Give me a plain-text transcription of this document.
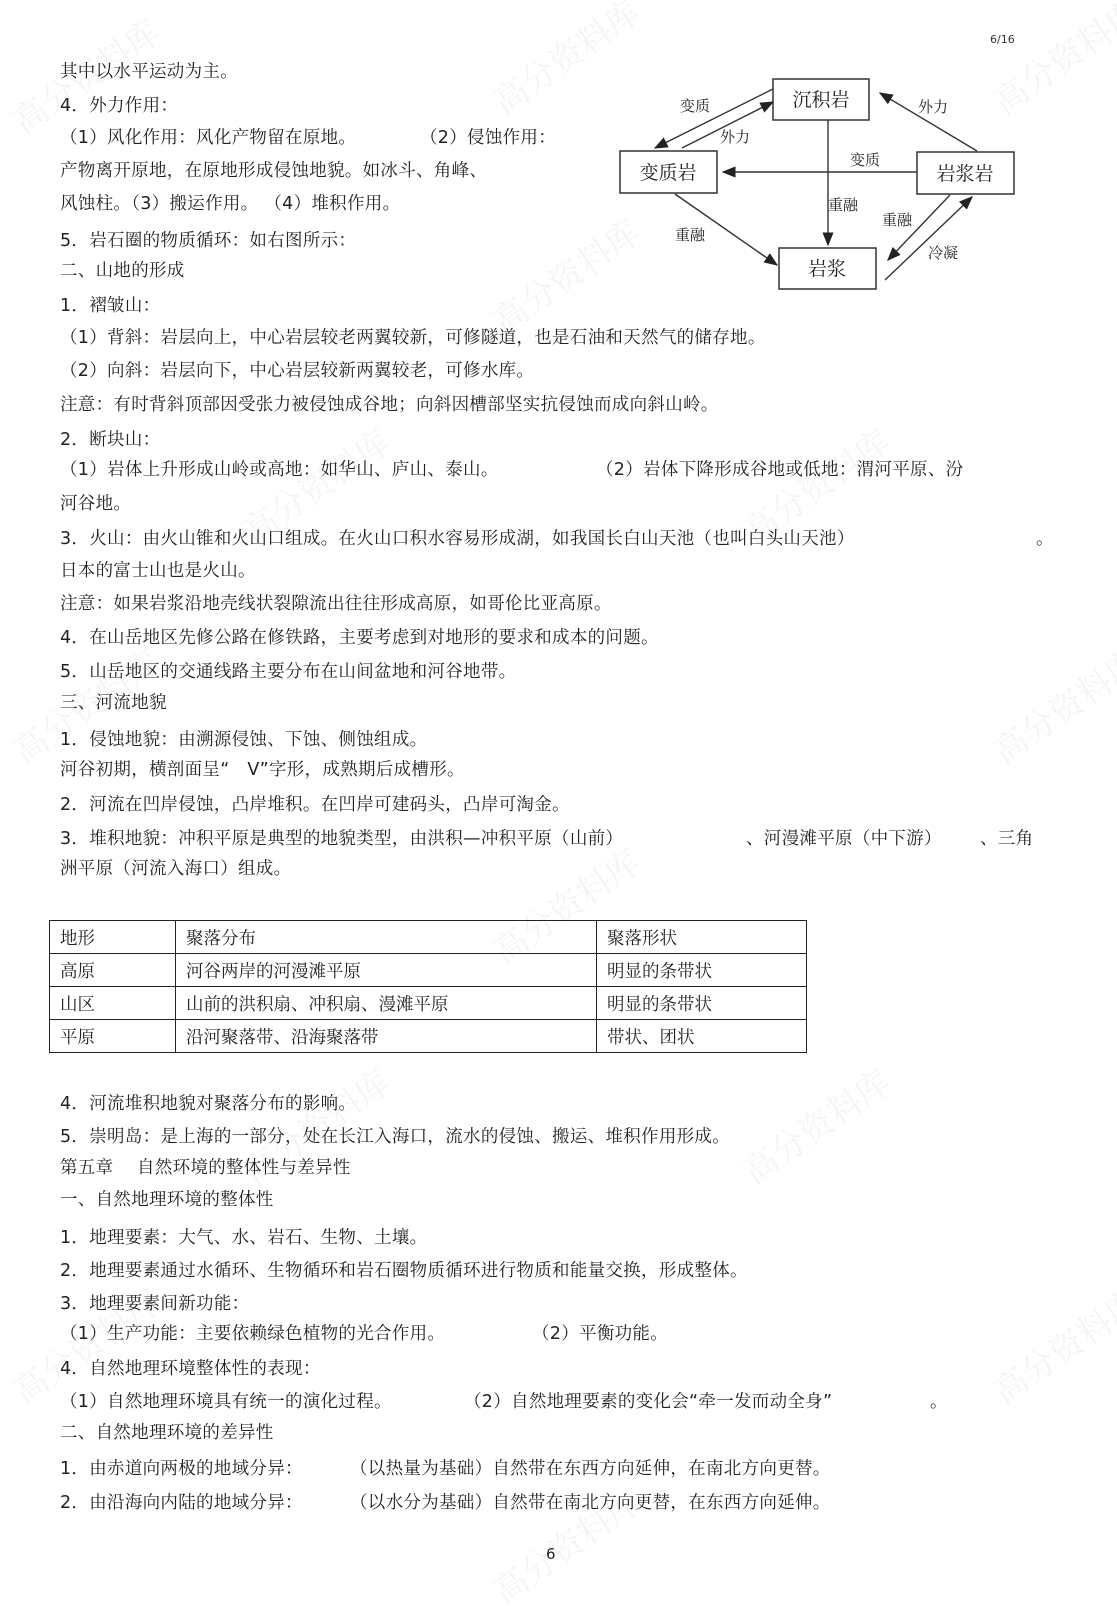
6/16
沉积岩
变质岩	岩浆岩
岩浆
变质
外力
外力
变质
重融
重融
重融
冷凝
其中以水平运动为主。
4．外力作用：
（1）风化作用：风化产物留在原地。	（2）侵蚀作用：
产物离开原地，在原地形成侵蚀地貌。如冰斗、角峰、
风蚀柱。（3）搬运作用。 （4）堆积作用。
5．岩石圈的物质循环：如右图所示：
二、山地的形成
1．褶皱山：
（1）背斜：岩层向上，中心岩层较老两翼较新，可修隧道，也是石油和天然气的储存地。
（2）向斜：岩层向下，中心岩层较新两翼较老，可修水库。
注意：有时背斜顶部因受张力被侵蚀成谷地；向斜因槽部坚实抗侵蚀而成向斜山岭。
2．断块山：
（1）岩体上升形成山岭或高地：如华山、庐山、泰山。	（2）岩体下降形成谷地或低地：渭河平原、汾
河谷地。
3．火山：由火山锥和火山口组成。在火山口积水容易形成湖，如我国长白山天池（也叫白头山天池）	。
日本的富士山也是火山。
注意：如果岩浆沿地壳线状裂隙流出往往形成高原，如哥伦比亚高原。
4．在山岳地区先修公路在修铁路，主要考虑到对地形的要求和成本的问题。
5．山岳地区的交通线路主要分布在山间盆地和河谷地带。
三、河流地貌
1．侵蚀地貌：由溯源侵蚀、下蚀、侧蚀组成。
河谷初期，横剖面呈“　V”字形，成熟期后成槽形。
2．河流在凹岸侵蚀，凸岸堆积。在凹岸可建码头，凸岸可淘金。
3．堆积地貌：冲积平原是典型的地貌类型，由洪积—冲积平原（山前）	、河漫滩平原（中下游） 、三角
洲平原（河流入海口）组成。
地形	聚落分布	聚落形状
高原	河谷两岸的河漫滩平原	明显的条带状
山区	山前的洪积扇、冲积扇、漫滩平原	明显的条带状
平原	沿河聚落带、沿海聚落带	带状、团状
4．河流堆积地貌对聚落分布的影响。
5．崇明岛：是上海的一部分，处在长江入海口，流水的侵蚀、搬运、堆积作用形成。
第五章　 自然环境的整体性与差异性
一、自然地理环境的整体性
1．地理要素：大气、水、岩石、生物、土壤。
2．地理要素通过水循环、生物循环和岩石圈物质循环进行物质和能量交换，形成整体。
3．地理要素间新功能：
（1）生产功能：主要依赖绿色植物的光合作用。	（2）平衡功能。
4．自然地理环境整体性的表现：
（1）自然地理环境具有统一的演化过程。	（2）自然地理要素的变化会“牵一发而动全身”	。
二、自然地理环境的差异性
1．由赤道向两极的地域分异：	（以热量为基础）自然带在东西方向延伸，在南北方向更替。
2．由沿海向内陆的地域分异：	（以水分为基础）自然带在南北方向更替，在东西方向延伸。
6
